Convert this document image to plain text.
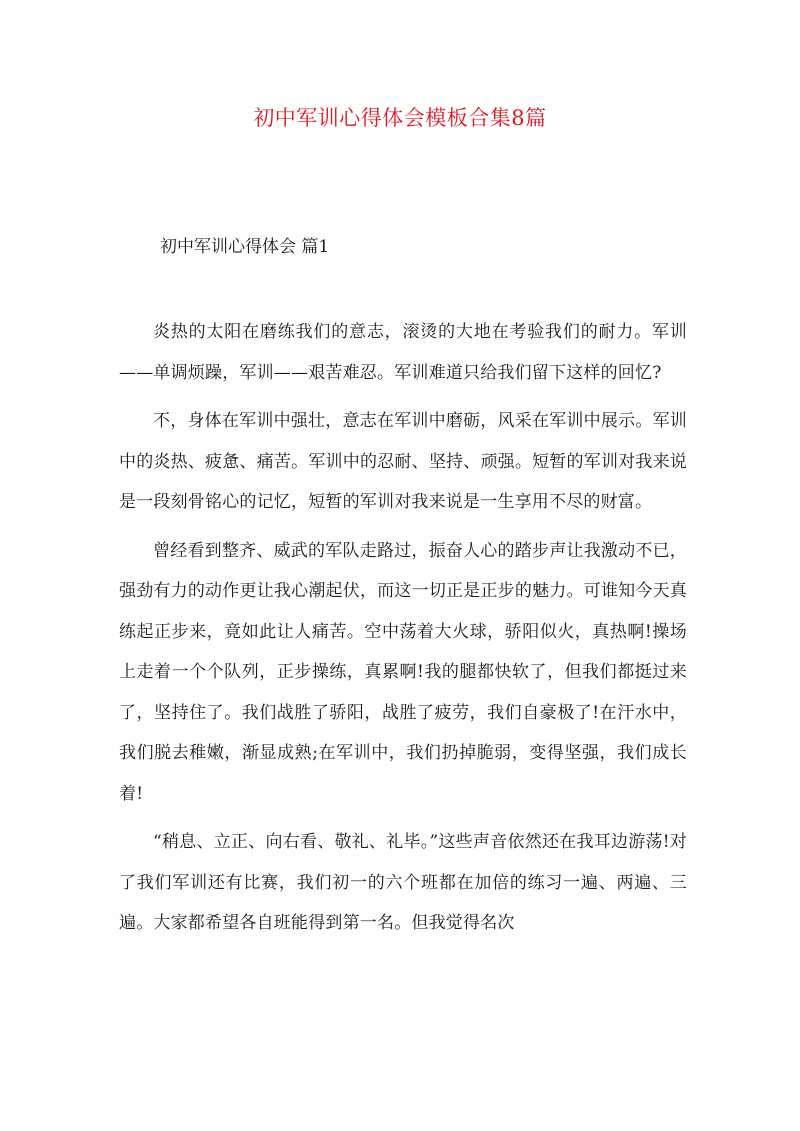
初中军训心得体会模板合集8篇
初中军训心得体会 篇1

炎热的太阳在磨练我们的意志，滚烫的大地在考验我们的耐力。军训——单调烦躁，军训——艰苦难忍。军训难道只给我们留下这样的回忆?

不，身体在军训中强壮，意志在军训中磨砺，风采在军训中展示。军训中的炎热、疲惫、痛苦。军训中的忍耐、坚持、顽强。短暂的军训对我来说是一段刻骨铭心的记忆，短暂的军训对我来说是一生享用不尽的财富。

曾经看到整齐、威武的军队走路过，振奋人心的踏步声让我激动不已，强劲有力的动作更让我心潮起伏，而这一切正是正步的魅力。可谁知今天真练起正步来，竟如此让人痛苦。空中荡着大火球，骄阳似火，真热啊!操场上走着一个个队列，正步操练，真累啊!我的腿都快软了，但我们都挺过来了，坚持住了。我们战胜了骄阳，战胜了疲劳，我们自豪极了!在汗水中，我们脱去稚嫩，渐显成熟;在军训中，我们扔掉脆弱，变得坚强，我们成长着!

“稍息、立正、向右看、敬礼、礼毕。”这些声音依然还在我耳边游荡!对了我们军训还有比赛，我们初一的六个班都在加倍的练习一遍、两遍、三遍。大家都希望各自班能得到第一名。但我觉得名次
